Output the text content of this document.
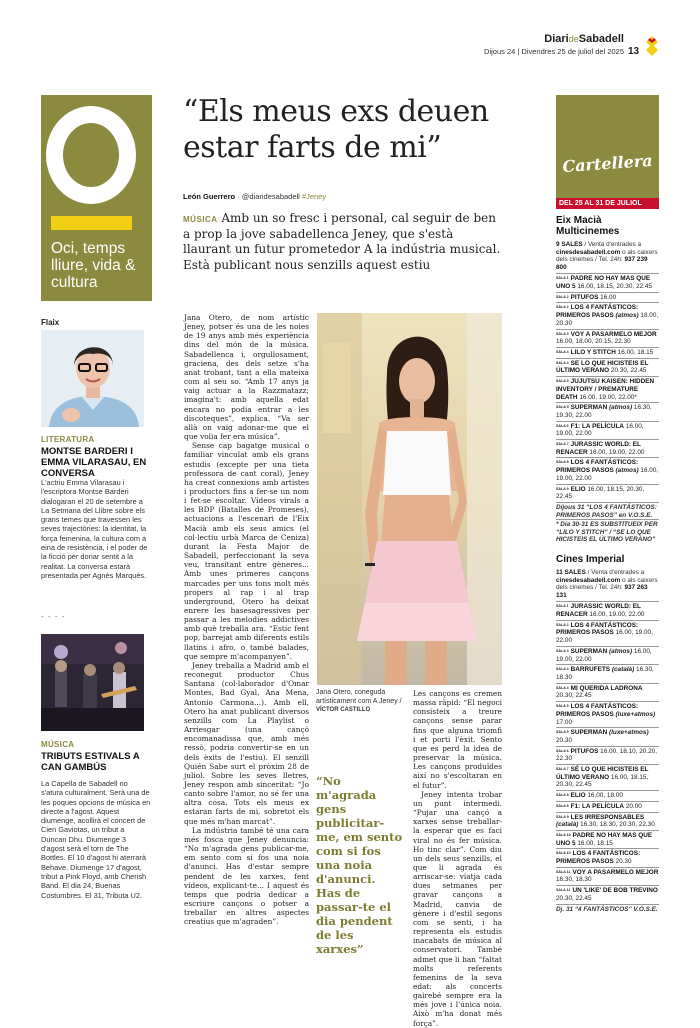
DiarideSabadell
Dijous 24 | Divendres 25 de juliol del 2025 13
Oci, temps lliure, vida & cultura
Flaix
LITERATURA
MONTSE BARDERI I EMMA VILARASAU, EN CONVERSA
L'actriu Emma Vilarasau i l'escriptora Montse Barderi dialogaran el 20 de setembre a La Setmana del Llibre sobre els grans temes que travessen les seves trajectòries: la identitat, la força femenina, la cultura com a eina de resistència, i el poder de la ficció per donar sentit a la realitat. La conversa estarà presentada per Agnès Marquès.
- - - -
MÚSICA
TRIBUTS ESTIVALS A CAN GAMBÚS
La Capella de Sabadell no s'atura culturalment. Serà una de les poques opcions de música en directe a l'agost. Aquest diumenge, acollirà el concert de Cien Gaviotas, un tribut a Duncan Dhu. Diumenge 3 d'agost serà el torn de The Bottles. El 10 d'agost hi aterrarà Behave. Diumenge 17 d'agost, tribut a Pink Floyd, amb Cherish Band. El dia 24, Buenas Costumbres. El 31, Tributa U2.
“Els meus exs deuen estar farts de mi”
León Guerrero · @diaridesabadell #Jeney
MÚSICA Amb un so fresc i personal, cal seguir de ben a prop la jove sabadellenca Jeney, que s'està llaurant un futur prometedor A la indústria musical. Està publicant nous senzills aquest estiu

Jana Otero, de nom artístic Jeney, potser és una de les noies de 19 anys amb més experiència dins del món de la música. Sabadellenca i, orgullosament, graciena, des dels setze s'ha anat trobant, tant a ella mateixa com al seu so. “Amb 17 anys ja vaig actuar a la Razzmatazz; imagina't: amb aquella edat encara no podia entrar a les discoteques”, explica. “Va ser allà on vaig adonar-me que el que volia fer era música”.

Sense cap bagatge musical o familiar vinculat amb els grans estudis (excepte per una tieta professora de cant coral), Jeney ha creat connexions amb artistes i productors fins a fer-se un nom i fet-se escoltar. Vídeos virals a les BDP (Batalles de Promeses), actuacions a l'escenari de l'Eix Macià amb els seus amics (el col·lectiu urbà Marca de Ceniza) durant la Festa Major de Sabadell, perfeccionant la seva veu, transitant entre gèneres... Amb unes primeres cançons marcades per uns tons molt més propers al rap i al trap underground, Otero ha deixat enrere les basesagressives per passar a les melodies addictives amb què treballa ara. “Estic fent pop, barrejat amb diferents estils llatins i afro, o també balades, que sempre m'acompanyen”.

Jeney treballa a Madrid amb el reconegut productor Chus Santana (col·laborador d'Omar Montes, Bad Gyal, Ana Mena, Antonio Carmona...). Amb ell, Otero ha anat publicant diversos senzills com La Playlist o Arriesgar (una cançó encomanadissa que, amb més ressò, podria convertir-se en un dels èxits de l'estiu). El senzill Quién Sabe surt el pròxim 28 de juliol. Sobre les seves lletres, Jeney respon amb sinceritat: “Jo canto sobre l'amor, no sé fer una altra cosa. Tots els meus ex estaran farts de mi, sobretot els que més m'han marcat”.

La indústria també té una cara més fosca que Jeney denuncia: “No m'agrada gens publicar-me, em sento com si fos una noia d'anunci. Has d'estar sempre pendent de les xarxes, fent vídeos, explicant-te... I aquest és temps que podria dedicar a escriure cançons o potser a treballar en altres aspectes creatius que m'agraden”.

Jana Otero, coneguda artísticament com A Jeney / VÍCTOR CASTILLO
“No m'agrada gens publicitar-me, em sento com si fos una noia d'anunci. Has de passar-te el dia pendent de les xarxes”

Les cançons es cremen massa ràpid: “El negoci consisteix a treure cançons sense parar fins que alguna triomfi i et porti l'èxit. Sento que es perd la idea de preservar la música. Les cançons produïdes així no s'escoltaran en el futur”.

Jeney intenta trobar un punt intermedi. “Pujar una cançó a xarxes sense treballar-la esperar que es faci viral no és fer música. Ho tinc clar”. Com diu un dels seus senzills, el que li agrada és arriscar-se: viatja cada dues setmanes per gravar cançons a Madrid, canvia de gènere i d'estil segons com se senti, i ha representa els estudis inacabats de música al conservatori. També admet que li han “faltat molts referents femenins de la seva edat: als concerts gairebé sempre era la més jove i l'única noia. Això m'ha donat més força”.

Cartellera
DEL 25 AL 31 DE JULIOL
Eix Macià Multicinemes
9 SALES / Venta d'entrades a cinesdesabadell.com o als caixers dels cinemes / Tel. 24h: 937 239 800
$^{SALA 1}$ PADRE NO HAY MAS QUE UNO 5 16.00, 18.15, 20.30, 22.45
$^{SALA 2}$ PITUFOS 16.00
$^{SALA 2}$ LOS 4 FANTÁSTICOS: PRIMEROS PASOS (atmos) 18.00, 20.30
$^{SALA 3}$ VOY A PASARMELO MEJOR 16.00, 18.00, 20.15, 22.30
$^{SALA 4}$ LILO Y STITCH 16.00, 18.15
$^{SALA 4}$ SE LO QUE HICISTEIS EL ÚLTIMO VERANO 20.30, 22.45
$^{SALA 5}$ JUJUTSU KAISEN: HIDDEN INVENTORY / PREMATURE DEATH 16.00, 19.00, 22.00*
$^{SALA 5}$ SUPERMAN (atmos) 16.30, 19.30, 22.00
$^{SALA 6}$ F1: LA PELÍCULA 16.00, 19.00, 22.00
$^{SALA 7}$ JURASSIC WORLD: EL RENACER 16.00, 19.00, 22.00
$^{SALA 8}$ LOS 4 FANTÁSTICOS: PRIMEROS PASOS (atmos) 16.00, 19.00, 22.00
$^{SALA 9}$ ELIO 16.00, 18.15, 20.30, 22.45
Dijous 31 “LOS 4 FANTÁSTICOS: PRIMEROS PASOS” en V.O.S.E.
* Dia 30-31 ES SUBSTITUEIX PER “LILO Y STITCH” / “SE LO QUE HICISTEIS EL ÚLTIMO VERANO”
Cines Imperial
11 SALES / Venta d'entrades a cinesdesabadell.com o als caixers dels cinemes / Tel. 24h: 937 263 131
$^{SALA 1}$ JURASSIC WORLD: EL RENACER 16.00, 19.00, 22.00
$^{SALA 2}$ LOS 4 FANTÁSTICOS: PRIMEROS PASOS 16.00, 19.00, 22.00
$^{SALA 3}$ SUPERMAN (atmos) 16.00, 19.00, 22.00
$^{SALA 4}$ BARRUFETS (català) 16.30, 18.30
$^{SALA 4}$ MI QUERIDA LADRONA 20.30, 22.45
$^{SALA 5}$ LOS 4 FANTÁSTICOS: PRIMEROS PASOS (luxe+atmos) 17.00
$^{SALA 5}$ SUPERMAN (luxe+atmos) 20.30
$^{SALA 6}$ PITUFOS 16.00, 18.10, 20.20, 22.30
$^{SALA 7}$ SÉ LO QUE HICISTEIS EL ÚLTIMO VERANO 16.00, 18.15, 20.30, 22.45
$^{SALA 8}$ ELIO 16.00, 18.00
$^{SALA 8}$ F1: LA PELÍCULA 20.00
$^{SALA 9}$ LES IRRESPONSABLES (català) 16.30, 18.30, 20.30, 22.30
$^{SALA 10}$ PADRE NO HAY MAS QUE UNO 5 16.00, 18.15
$^{SALA 10}$ LOS 4 FANTÁSTICOS: PRIMEROS PASOS 20.30
$^{SALA 11}$ VOY A PASARMELO MEJOR 16.30, 18.30
$^{SALA 11}$ UN 'LIKE' DE BOB TREVINO 20.30, 22.45
Dj. 31 “4 FANTÁSTICOS” V.O.S.E.
